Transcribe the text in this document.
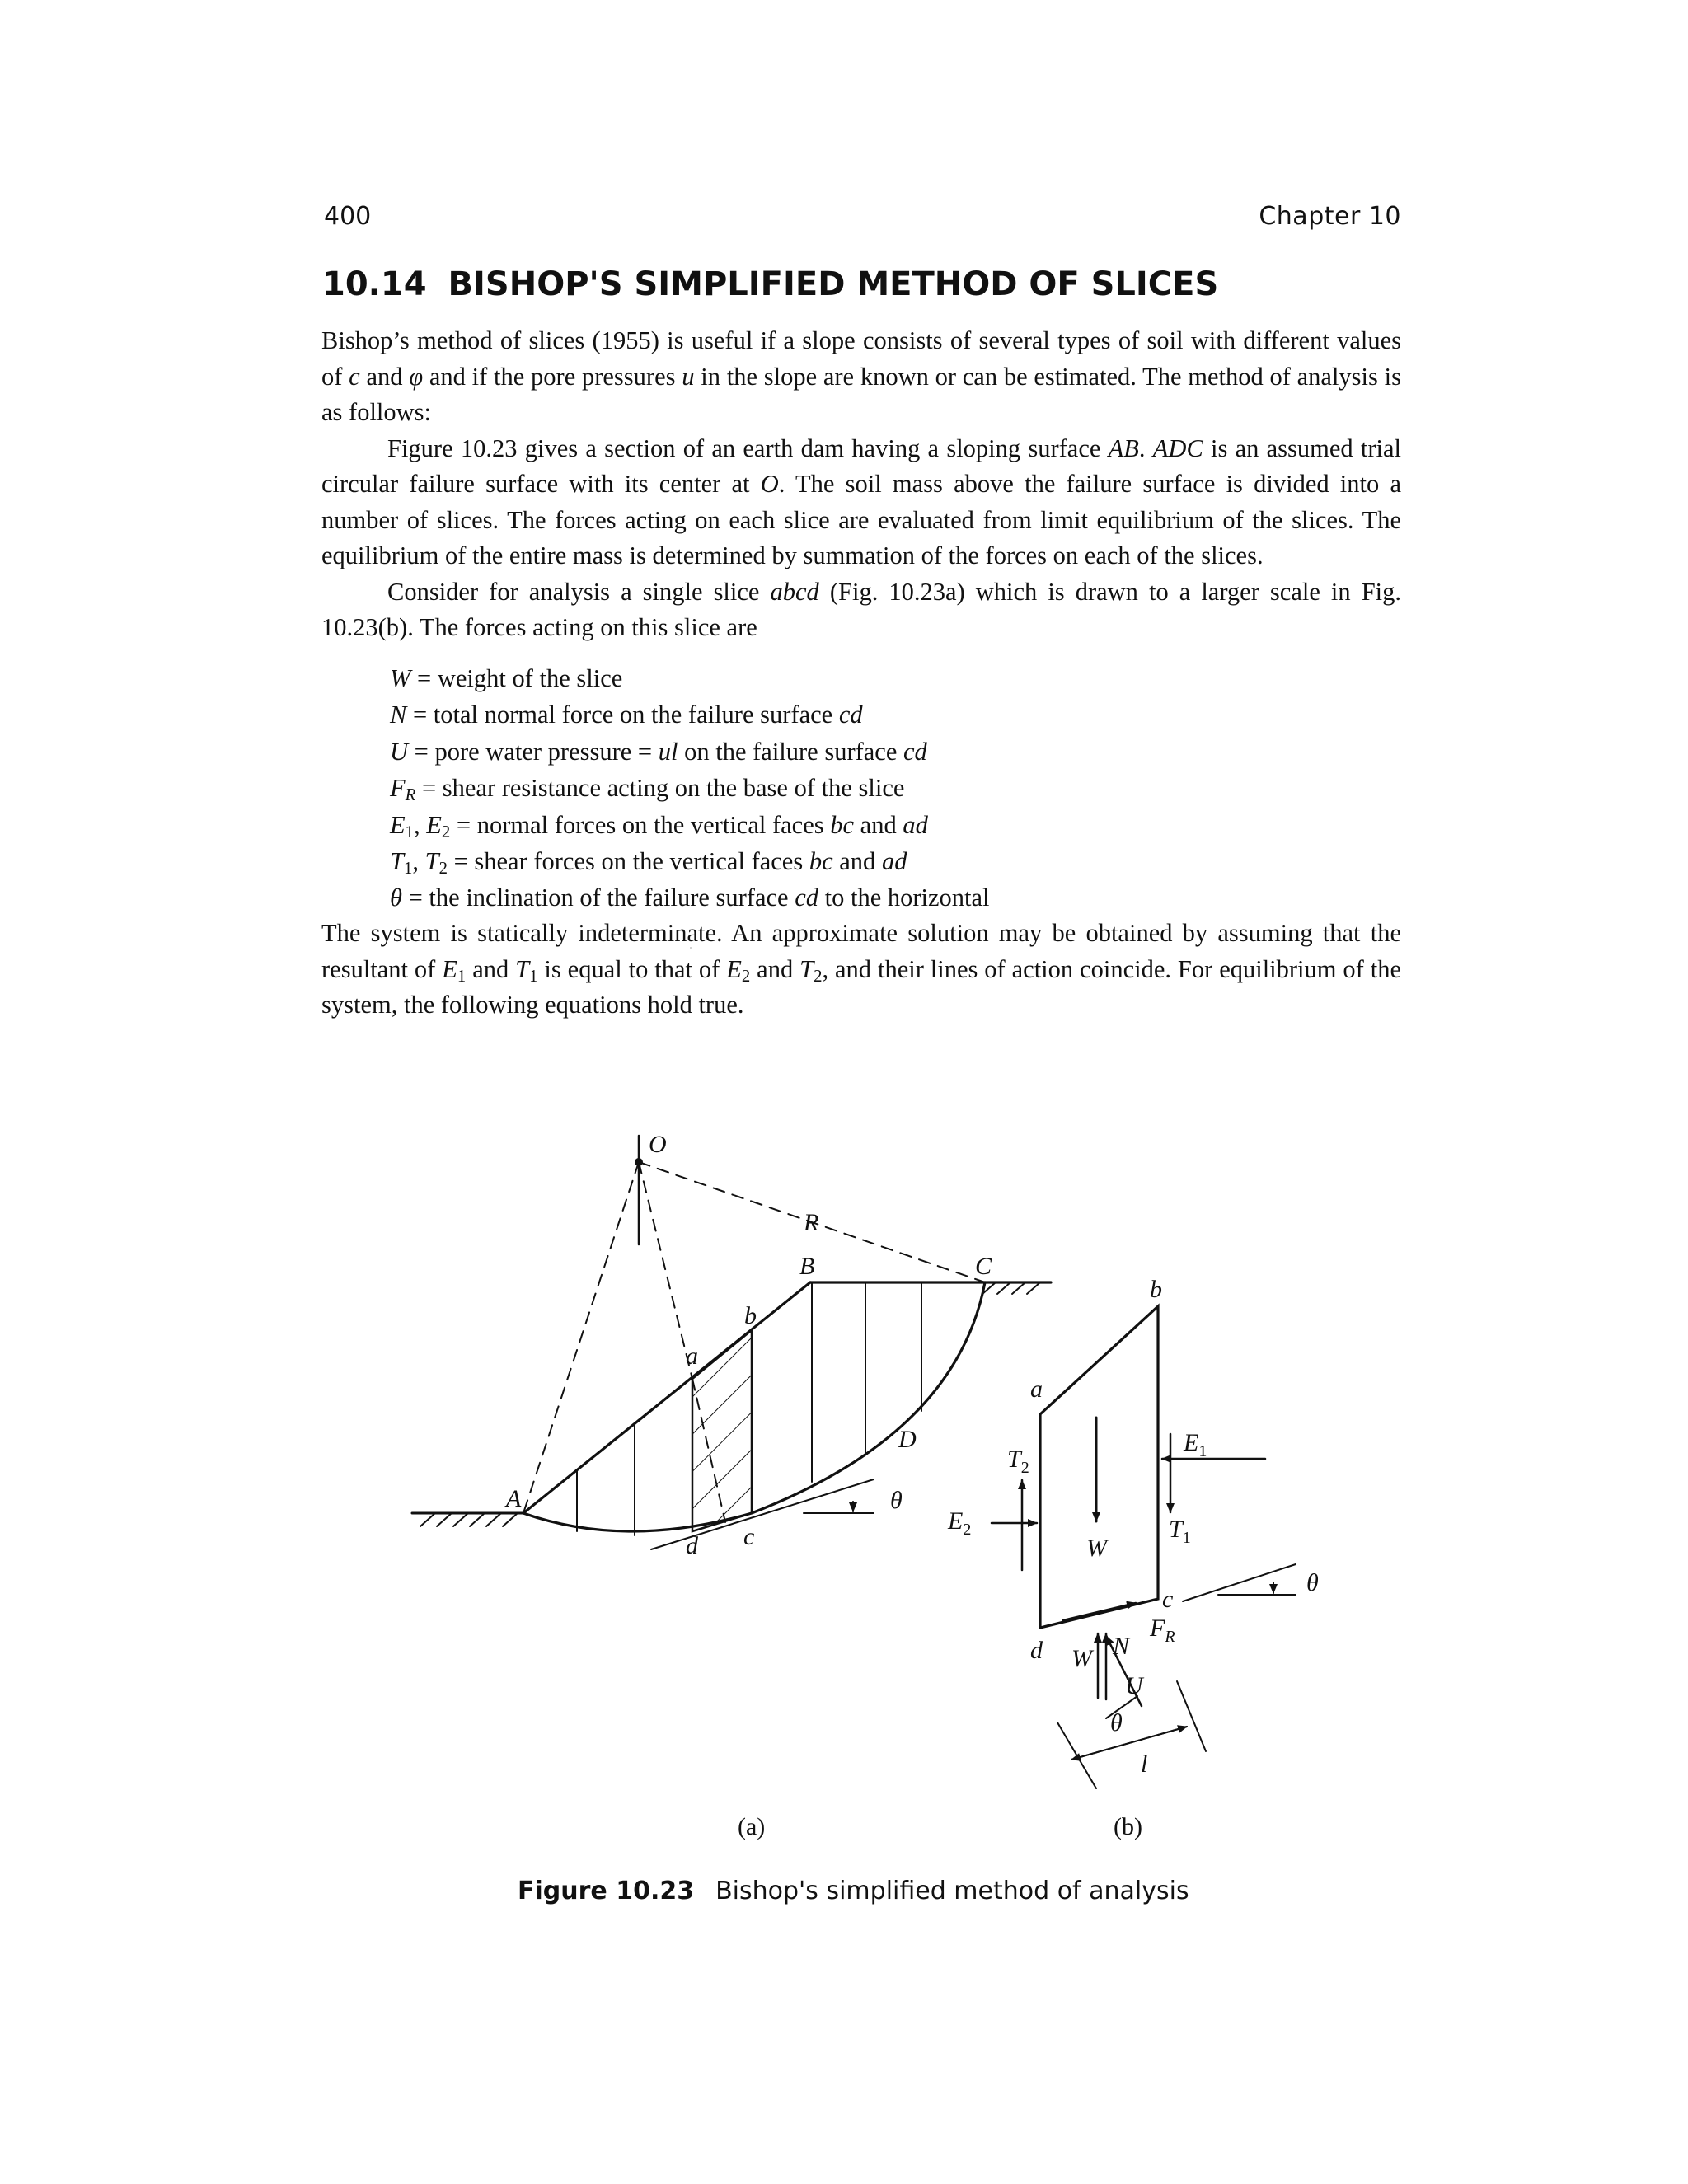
400	Chapter 10
10.14 BISHOP'S SIMPLIFIED METHOD OF SLICES

Bishop’s method of slices (1955) is useful if a slope consists of several types of soil with different values of c and φ and if the pore pressures u in the slope are known or can be estimated. The method of analysis is as follows:

Figure 10.23 gives a section of an earth dam having a sloping surface AB. ADC is an assumed trial circular failure surface with its center at O. The soil mass above the failure surface is divided into a number of slices. The forces acting on each slice are evaluated from limit equilibrium of the slices. The equilibrium of the entire mass is determined by summation of the forces on each of the slices.

Consider for analysis a single slice abcd (Fig. 10.23a) which is drawn to a larger scale in Fig. 10.23(b). The forces acting on this slice are

W = weight of the slice
N = total normal force on the failure surface cd
U = pore water pressure = ul on the failure surface cd
$F_R$ = shear resistance acting on the base of the slice
$E_1$, $E_2$ = normal forces on the vertical faces bc and ad
$T_1$, $T_2$ = shear forces on the vertical faces bc and ad
θ = the inclination of the failure surface cd to the horizontal

The system is statically indeterminate. An approximate solution may be obtained by assuming that the resultant of $E_1$ and $T_1$ is equal to that of $E_2$ and $T_2$, and their lines of action coincide. For equilibrium of the system, the following equations hold true.

O
R
B	C
b
a
D
A
d c
θ
b
a
$T_2$
$E_2$
$E_1$
$T_1$
W
c
$F_R$
θ
d W N
U
θ
l
(a)	(b)
Figure 10.23 Bishop's simplified method of analysis
